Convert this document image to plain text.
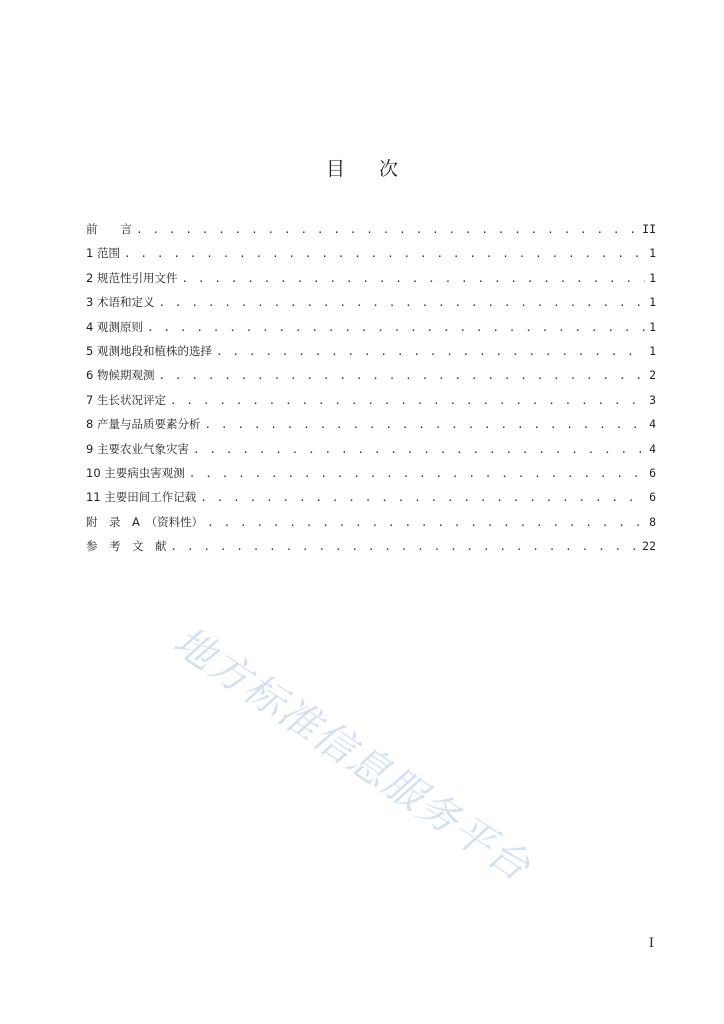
目 次
前　　言 . . .	II
1 范围 . . .	1
2 规范性引用文件 . . .	1
3 术语和定义 . . .	1
4 观测原则 . . .	1
5 观测地段和植株的选择 . . .	1
6 物候期观测 . . .	2
7 生长状况评定 . . .	3
8 产量与品质要素分析 . . .	4
9 主要农业气象灾害 . . .	4
10 主要病虫害观测 . . .	6
11 主要田间工作记载 . . .	6
附　录　A　（资料性） . . .	8
参　考　文　献 . . .	22
地方标准信息服务平台
I
